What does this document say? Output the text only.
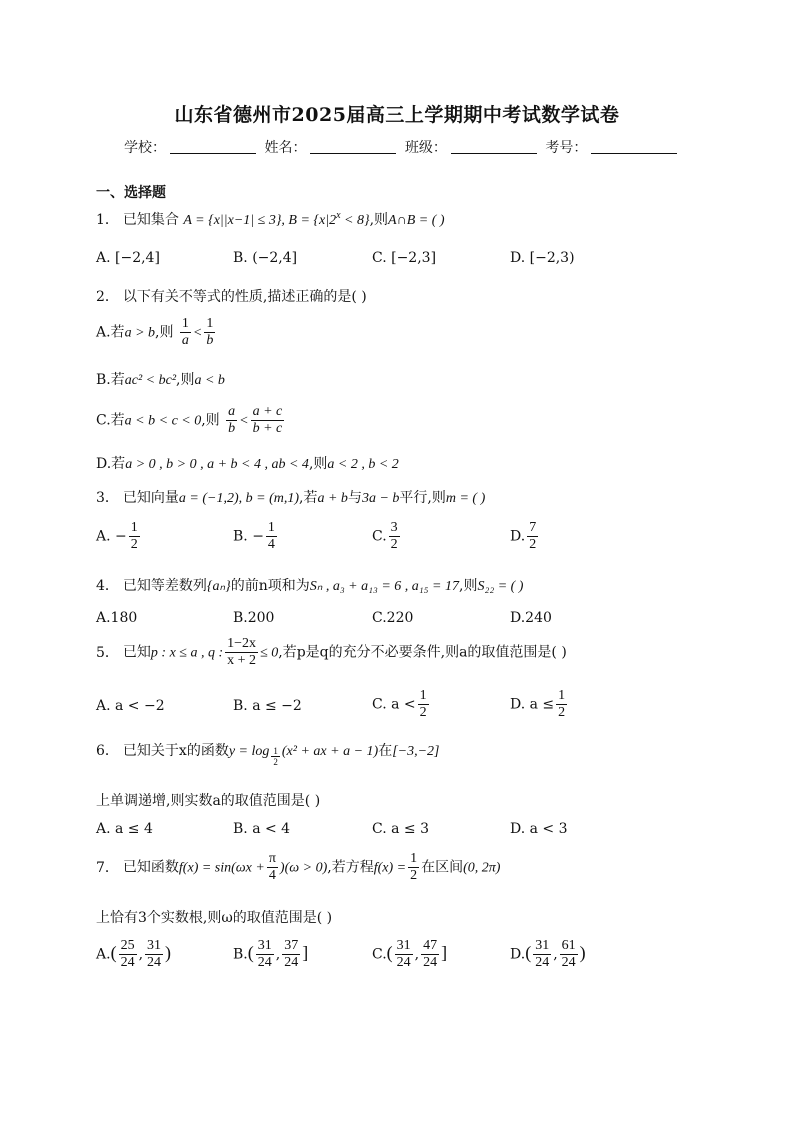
山东省德州市2025届高三上学期期中考试数学试卷
学校：	姓名：	班级：	考号：
一、选择题
1． 已知集合 A = {x||x−1| ≤ 3}, $B = \{x|2^x < 8\}$,则A∩B = ( )
A. [−2,4]	B. (−2,4]	C. [−2,3]	D. [−2,3)
2． 以下有关不等式的性质,描述正确的是( )
A.若a > b,则 $\frac{1}{a} < \frac{1}{b}$
B.若ac² < bc²,则a < b
C.若a < b < c < 0,则 $\frac{a}{b} < \frac{a + c}{b + c}$
D.若a > 0 , b > 0 , a + b < 4 , ab < 4,则a < 2 , b < 2
3． 已知向量a = (−1,2), b = (m,1),若a + b与3a − b平行,则m = ( )
A. − $\frac{1}{2}$	B. − $\frac{1}{4}$	C. $\frac{3}{2}$	D. $\frac{7}{2}$
4． 已知等差数列{aₙ}的前n项和为Sₙ , a₃ + a₁₃ = 6 , a₁₅ = 17,则S₂₂ = ( )
A.180	B.200	C.220	D.240
5． 已知p : x ≤ a , q : $\frac{1-2x}{x + 2} \le 0$,若p是q的充分不必要条件,则a的取值范围是( )
A. a < −2	B. a ≤ −2	C. $a < \frac{1}{2}$	D. $a \le \frac{1}{2}$
6． 已知关于x的函数$y = \log \frac{1}{2} (x^2$ + ax + a − 1)在[−3,−2]
上单调递增,则实数a的取值范围是( )
A. a ≤ 4	B. a < 4	C. a ≤ 3	D. a < 3
7． 已知函数$f(x) = \sin(\omega x + \frac{\pi}{4} )(\omega > 0)$,若方程$f(x) = \frac{1}{2}$ 在区间(0, 2π)
上恰有3个实数根,则ω的取值范围是( )
$A.( \frac{25}{24}$ , $\frac{31}{24}$ )	$B.( \frac{31}{24}$ , $\frac{37}{24}$ ]	$C.( \frac{31}{24}$ , $\frac{47}{24}$ ]	$D.( \frac{31}{24}$ , $\frac{61}{24}$ )
